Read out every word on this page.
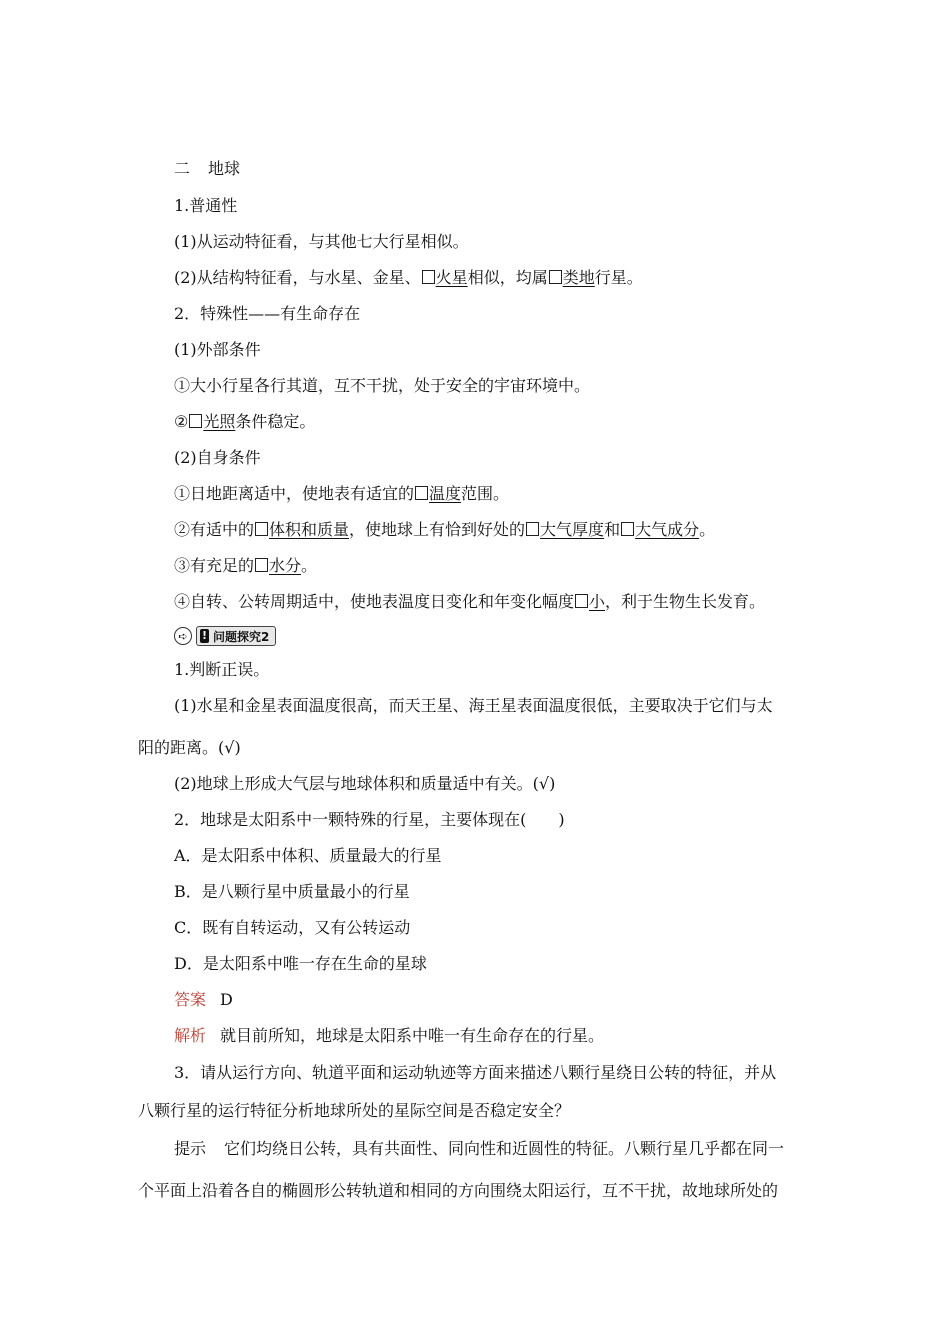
二 地球
1.普通性
(1)从运动特征看，与其他七大行星相似。
(2)从结构特征看，与水星、金星、 火星相似，均属 类地行星。
2．特殊性——有生命存在
(1)外部条件
①大小行星各行其道，互不干扰，处于安全的宇宙环境中。
② 光照条件稳定。
(2)自身条件
①日地距离适中，使地表有适宜的 温度范围。
②有适中的 体积和质量，使地球上有恰到好处的 大气厚度和 大气成分。
③有充足的 水分。
④自转、公转周期适中，使地表温度日变化和年变化幅度 小，利于生物生长发育。
➪	! 问题探究2
1.判断正误。
(1)水星和金星表面温度很高，而天王星、海王星表面温度很低，主要取决于它们与太
阳的距离。(√)
(2)地球上形成大气层与地球体积和质量适中有关。(√)
2．地球是太阳系中一颗特殊的行星，主要体现在(　　)
A．是太阳系中体积、质量最大的行星
B．是八颗行星中质量最小的行星
C．既有自转运动，又有公转运动
D．是太阳系中唯一存在生命的星球
答案 D
解析 就目前所知，地球是太阳系中唯一有生命存在的行星。
3．请从运行方向、轨道平面和运动轨迹等方面来描述八颗行星绕日公转的特征，并从
八颗行星的运行特征分析地球所处的星际空间是否稳定安全？
提示 它们均绕日公转，具有共面性、同向性和近圆性的特征。八颗行星几乎都在同一
个平面上沿着各自的椭圆形公转轨道和相同的方向围绕太阳运行，互不干扰，故地球所处的
